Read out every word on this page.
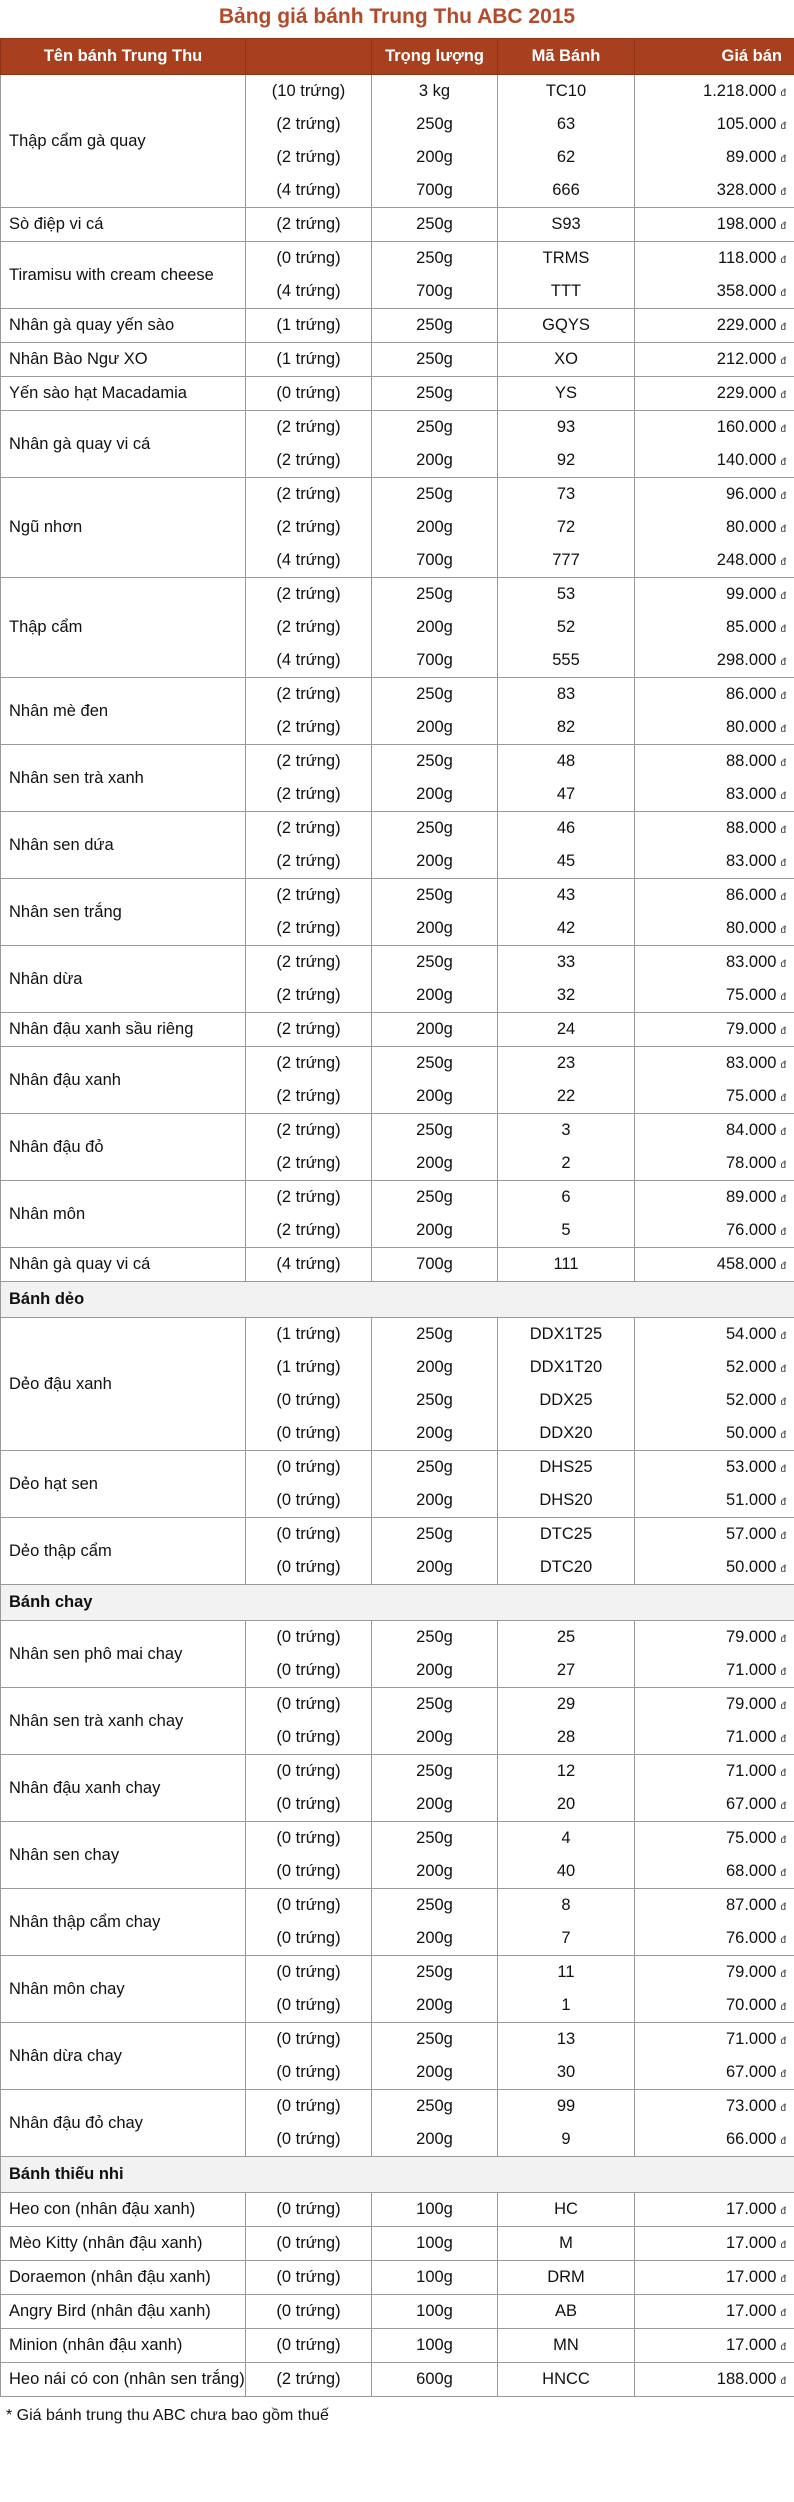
Bảng giá bánh Trung Thu ABC 2015
Tên bánh Trung Thu		Trọng lượng	Mã Bánh	Giá bán
Thập cẩm gà quay	(10 trứng)	3 kg	TC10	1.218.000 đ
	(2 trứng)	250g	63	105.000 đ
	(2 trứng)	200g	62	89.000 đ
	(4 trứng)	700g	666	328.000 đ
Sò điệp vi cá	(2 trứng)	250g	S93	198.000 đ
Tiramisu with cream cheese	(0 trứng)	250g	TRMS	118.000 đ
	(4 trứng)	700g	TTT	358.000 đ
Nhân gà quay yến sào	(1 trứng)	250g	GQYS	229.000 đ
Nhân Bào Ngư XO	(1 trứng)	250g	XO	212.000 đ
Yến sào hạt Macadamia	(0 trứng)	250g	YS	229.000 đ
Nhân gà quay vi cá	(2 trứng)	250g	93	160.000 đ
	(2 trứng)	200g	92	140.000 đ
Ngũ nhơn	(2 trứng)	250g	73	96.000 đ
	(2 trứng)	200g	72	80.000 đ
	(4 trứng)	700g	777	248.000 đ
Thập cẩm	(2 trứng)	250g	53	99.000 đ
	(2 trứng)	200g	52	85.000 đ
	(4 trứng)	700g	555	298.000 đ
Nhân mè đen	(2 trứng)	250g	83	86.000 đ
	(2 trứng)	200g	82	80.000 đ
Nhân sen trà xanh	(2 trứng)	250g	48	88.000 đ
	(2 trứng)	200g	47	83.000 đ
Nhân sen dứa	(2 trứng)	250g	46	88.000 đ
	(2 trứng)	200g	45	83.000 đ
Nhân sen trắng	(2 trứng)	250g	43	86.000 đ
	(2 trứng)	200g	42	80.000 đ
Nhân dừa	(2 trứng)	250g	33	83.000 đ
	(2 trứng)	200g	32	75.000 đ
Nhân đậu xanh sầu riêng	(2 trứng)	200g	24	79.000 đ
Nhân đậu xanh	(2 trứng)	250g	23	83.000 đ
	(2 trứng)	200g	22	75.000 đ
Nhân đậu đỏ	(2 trứng)	250g	3	84.000 đ
	(2 trứng)	200g	2	78.000 đ
Nhân môn	(2 trứng)	250g	6	89.000 đ
	(2 trứng)	200g	5	76.000 đ
Nhân gà quay vi cá	(4 trứng)	700g	111	458.000 đ
Bánh dẻo				
Dẻo đậu xanh	(1 trứng)	250g	DDX1T25	54.000 đ
	(1 trứng)	200g	DDX1T20	52.000 đ
	(0 trứng)	250g	DDX25	52.000 đ
	(0 trứng)	200g	DDX20	50.000 đ
Dẻo hạt sen	(0 trứng)	250g	DHS25	53.000 đ
	(0 trứng)	200g	DHS20	51.000 đ
Dẻo thập cẩm	(0 trứng)	250g	DTC25	57.000 đ
	(0 trứng)	200g	DTC20	50.000 đ
Bánh chay				
Nhân sen phô mai chay	(0 trứng)	250g	25	79.000 đ
	(0 trứng)	200g	27	71.000 đ
Nhân sen trà xanh chay	(0 trứng)	250g	29	79.000 đ
	(0 trứng)	200g	28	71.000 đ
Nhân đậu xanh chay	(0 trứng)	250g	12	71.000 đ
	(0 trứng)	200g	20	67.000 đ
Nhân sen chay	(0 trứng)	250g	4	75.000 đ
	(0 trứng)	200g	40	68.000 đ
Nhân thập cẩm chay	(0 trứng)	250g	8	87.000 đ
	(0 trứng)	200g	7	76.000 đ
Nhân môn chay	(0 trứng)	250g	11	79.000 đ
	(0 trứng)	200g	1	70.000 đ
Nhân dừa chay	(0 trứng)	250g	13	71.000 đ
	(0 trứng)	200g	30	67.000 đ
Nhân đậu đỏ chay	(0 trứng)	250g	99	73.000 đ
	(0 trứng)	200g	9	66.000 đ
Bánh thiếu nhi				
Heo con (nhân đậu xanh)	(0 trứng)	100g	HC	17.000 đ
Mèo Kitty (nhân đậu xanh)	(0 trứng)	100g	M	17.000 đ
Doraemon (nhân đậu xanh)	(0 trứng)	100g	DRM	17.000 đ
Angry Bird (nhân đậu xanh)	(0 trứng)	100g	AB	17.000 đ
Minion (nhân đậu xanh)	(0 trứng)	100g	MN	17.000 đ
Heo nái có con (nhân sen trắng)	(2 trứng)	600g	HNCC	188.000 đ
* Giá bánh trung thu ABC chưa bao gồm thuế
